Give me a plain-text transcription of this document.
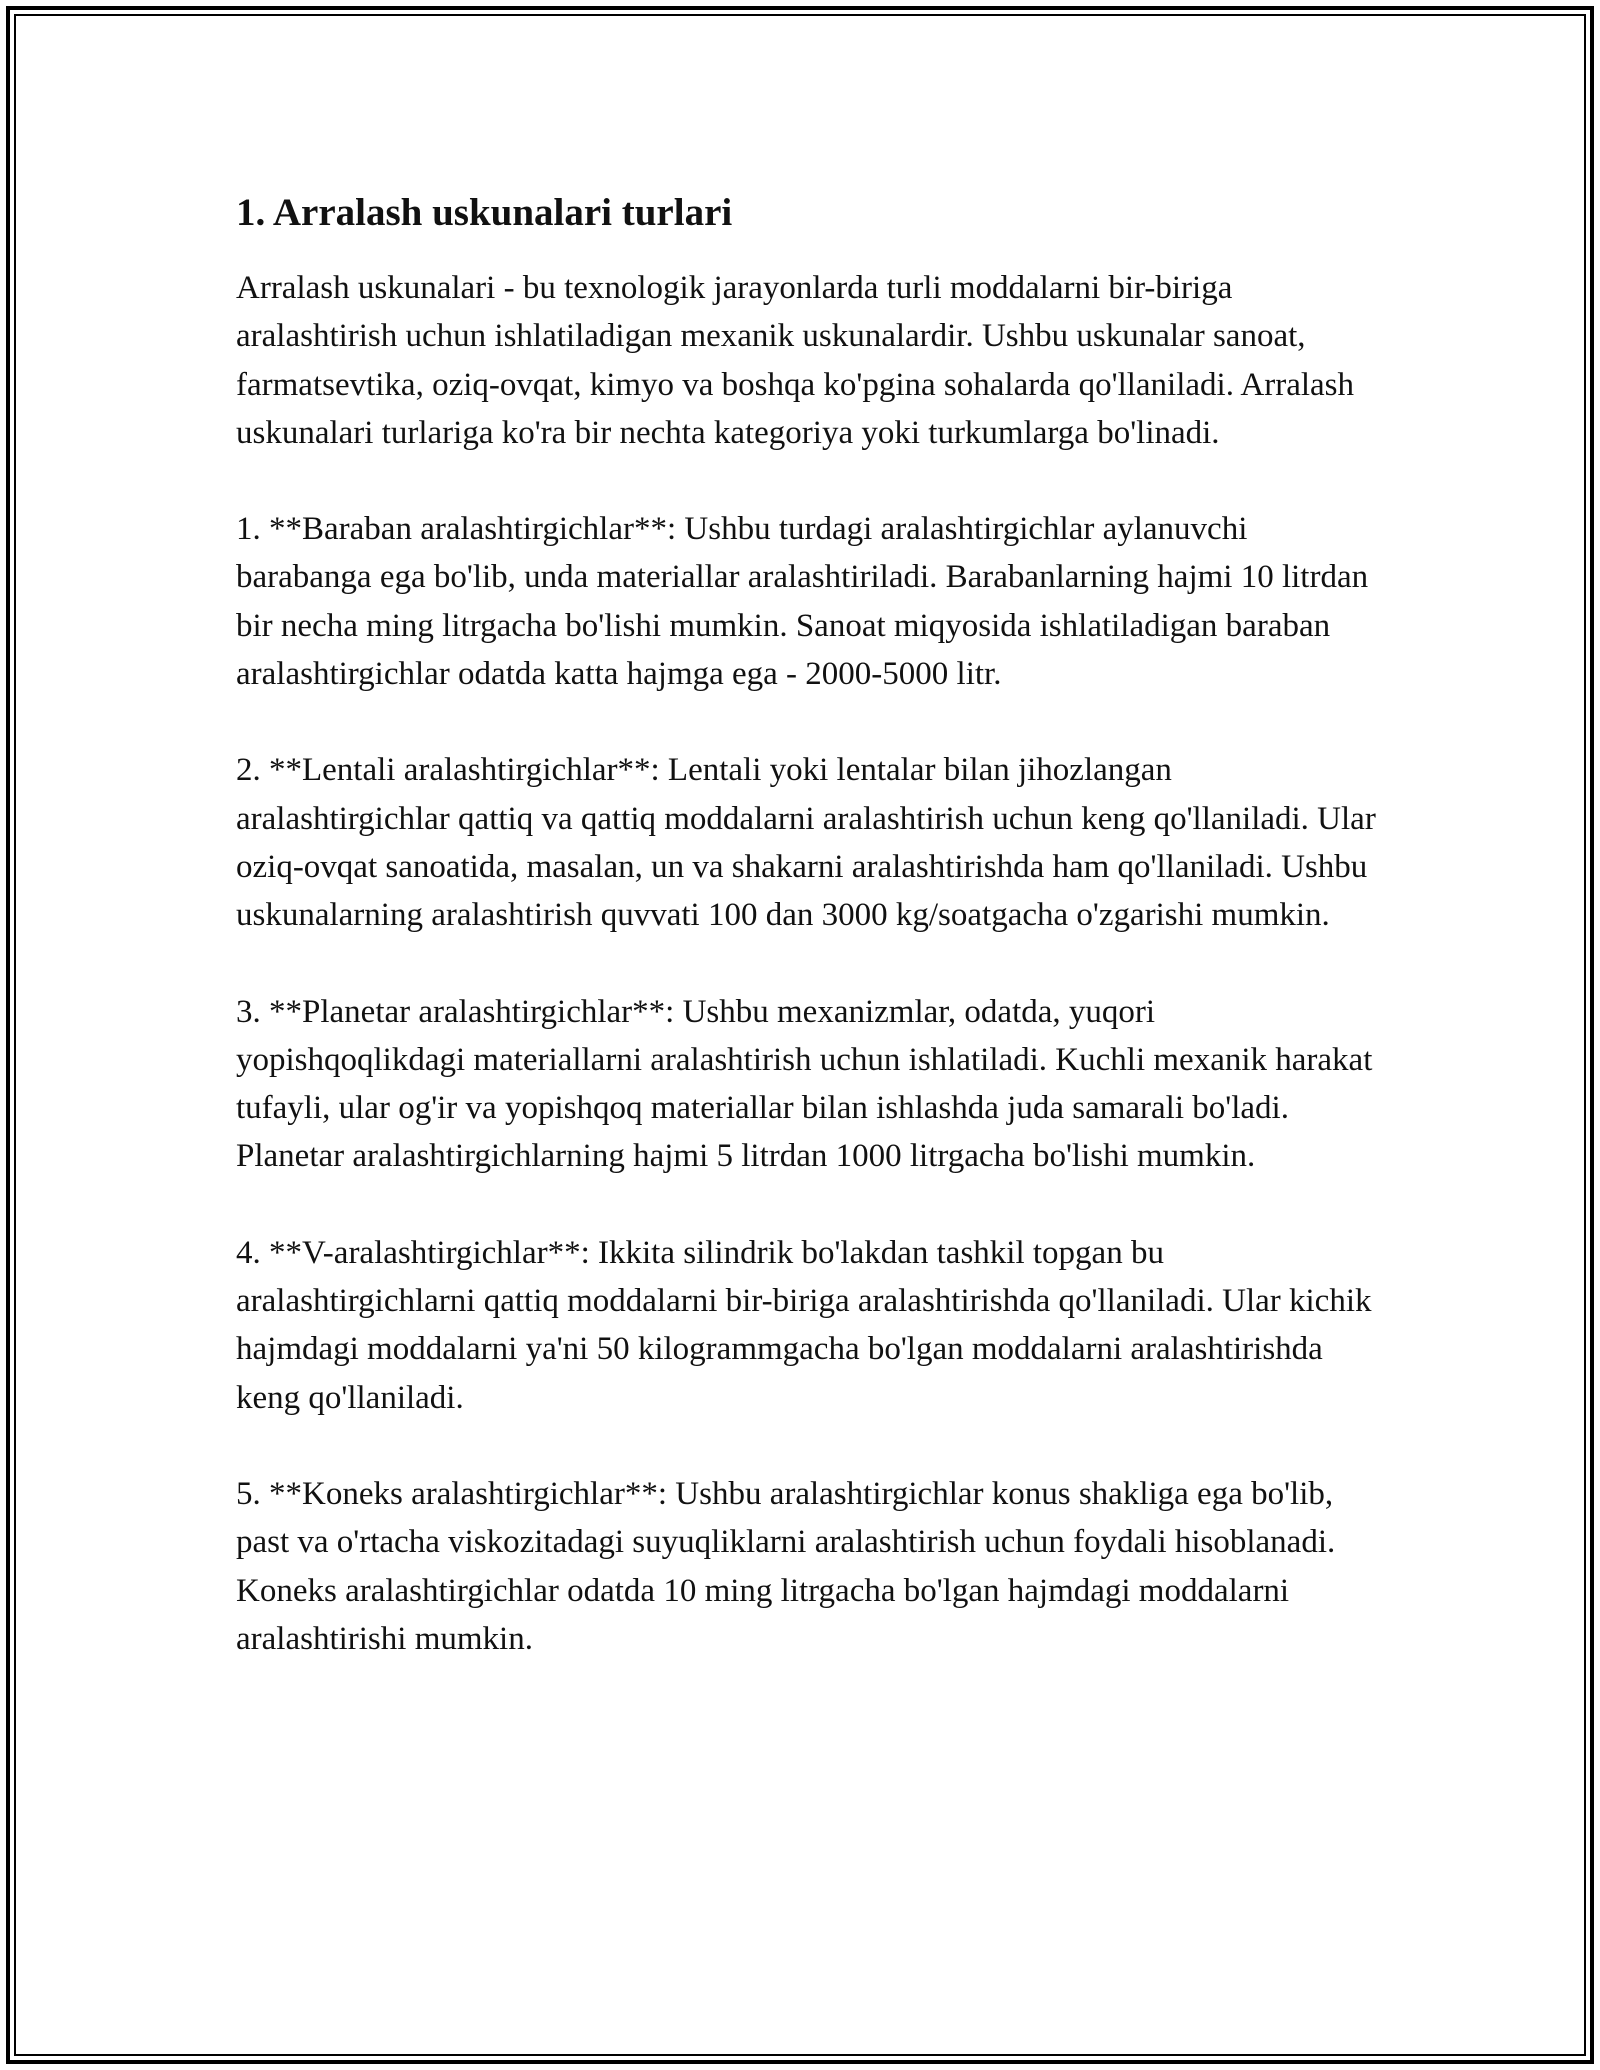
1. Arralash uskunalari turlari

Arralash uskunalari - bu texnologik jarayonlarda turli moddalarni bir-biriga aralashtirish uchun ishlatiladigan mexanik uskunalardir. Ushbu uskunalar sanoat, farmatsevtika, oziq-ovqat, kimyo va boshqa ko'pgina sohalarda qo'llaniladi. Arralash uskunalari turlariga ko'ra bir nechta kategoriya yoki turkumlarga bo'linadi.

1. **Baraban aralashtirgichlar**: Ushbu turdagi aralashtirgichlar aylanuvchi barabanga ega bo'lib, unda materiallar aralashtiriladi. Barabanlarning hajmi 10 litrdan bir necha ming litrgacha bo'lishi mumkin. Sanoat miqyosida ishlatiladigan baraban aralashtirgichlar odatda katta hajmga ega - 2000-5000 litr.

2. **Lentali aralashtirgichlar**: Lentali yoki lentalar bilan jihozlangan aralashtirgichlar qattiq va qattiq moddalarni aralashtirish uchun keng qo'llaniladi. Ular oziq-ovqat sanoatida, masalan, un va shakarni aralashtirishda ham qo'llaniladi. Ushbu uskunalarning aralashtirish quvvati 100 dan 3000 kg/soatgacha o'zgarishi mumkin.

3. **Planetar aralashtirgichlar**: Ushbu mexanizmlar, odatda, yuqori yopishqoqlikdagi materiallarni aralashtirish uchun ishlatiladi. Kuchli mexanik harakat tufayli, ular og'ir va yopishqoq materiallar bilan ishlashda juda samarali bo'ladi. Planetar aralashtirgichlarning hajmi 5 litrdan 1000 litrgacha bo'lishi mumkin.

4. **V-aralashtirgichlar**: Ikkita silindrik bo'lakdan tashkil topgan bu aralashtirgichlarni qattiq moddalarni bir-biriga aralashtirishda qo'llaniladi. Ular kichik hajmdagi moddalarni ya'ni 50 kilogrammgacha bo'lgan moddalarni aralashtirishda keng qo'llaniladi.

5. **Koneks aralashtirgichlar**: Ushbu aralashtirgichlar konus shakliga ega bo'lib, past va o'rtacha viskozitadagi suyuqliklarni aralashtirish uchun foydali hisoblanadi. Koneks aralashtirgichlar odatda 10 ming litrgacha bo'lgan hajmdagi moddalarni aralashtirishi mumkin.
